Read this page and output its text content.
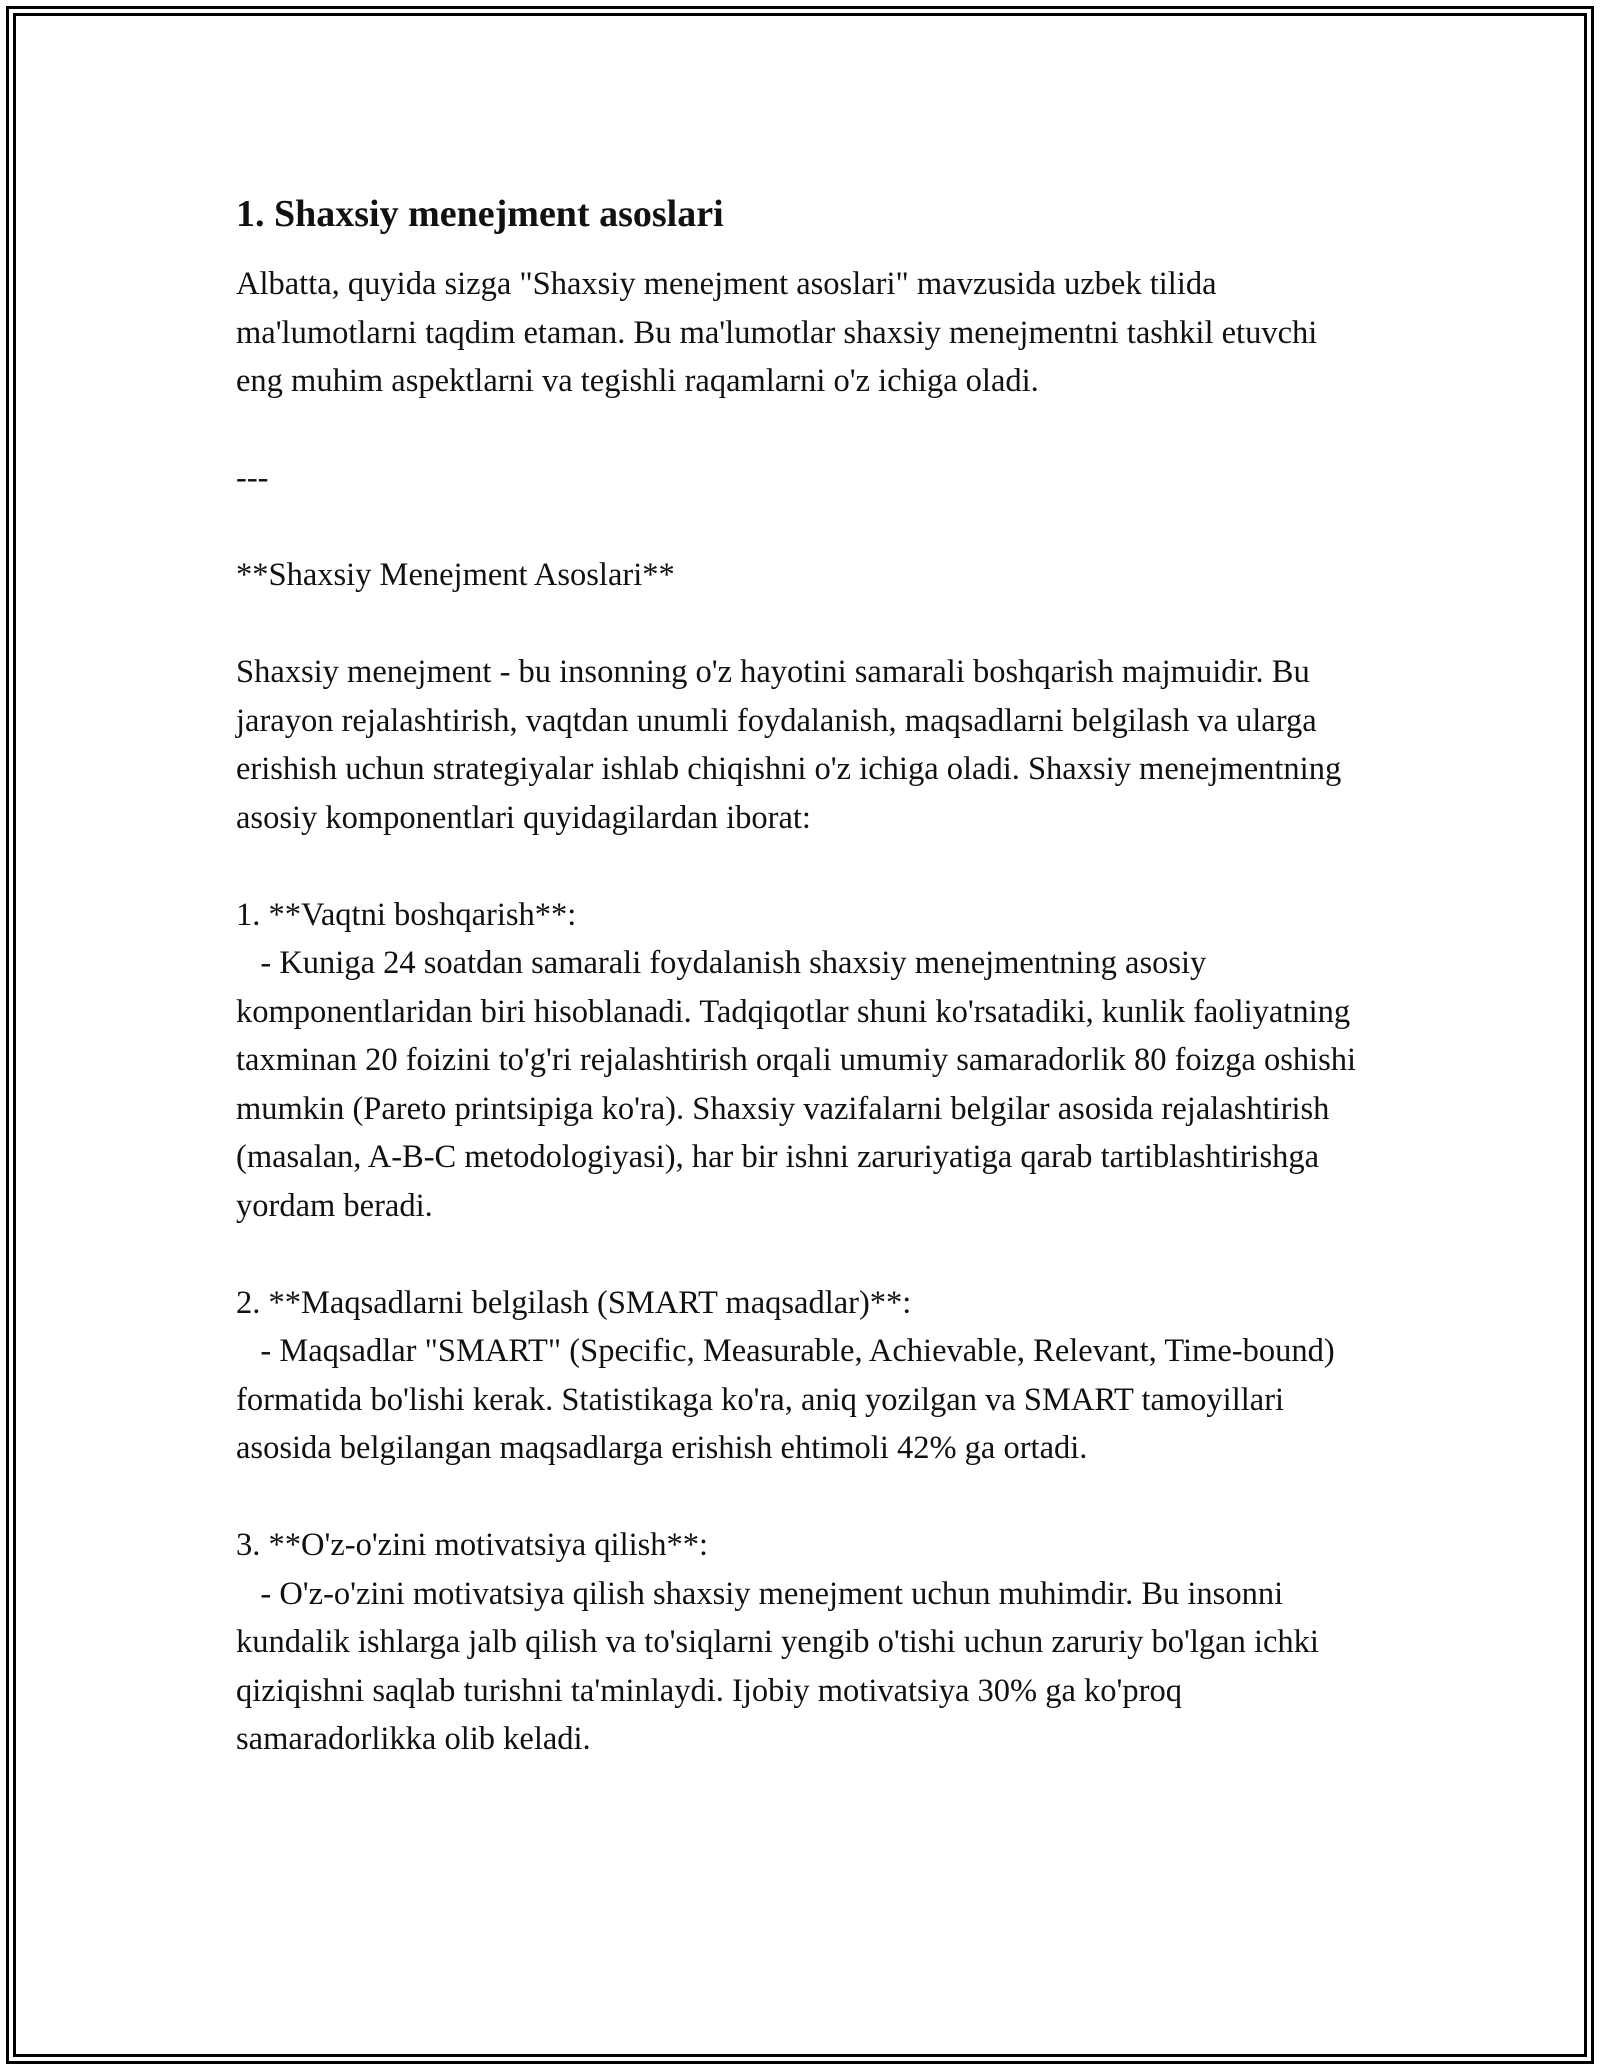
1. Shaxsiy menejment asoslari

Albatta, quyida sizga "Shaxsiy menejment asoslari" mavzusida uzbek tilida ma'lumotlarni taqdim etaman. Bu ma'lumotlar shaxsiy menejmentni tashkil etuvchi eng muhim aspektlarni va tegishli raqamlarni o'z ichiga oladi.

---

**Shaxsiy Menejment Asoslari**

Shaxsiy menejment - bu insonning o'z hayotini samarali boshqarish majmuidir. Bu jarayon rejalashtirish, vaqtdan unumli foydalanish, maqsadlarni belgilash va ularga erishish uchun strategiyalar ishlab chiqishni o'z ichiga oladi. Shaxsiy menejmentning asosiy komponentlari quyidagilardan iborat:

1. **Vaqtni boshqarish**:

- Kuniga 24 soatdan samarali foydalanish shaxsiy menejmentning asosiy komponentlaridan biri hisoblanadi. Tadqiqotlar shuni ko'rsatadiki, kunlik faoliyatning taxminan 20 foizini to'g'ri rejalashtirish orqali umumiy samaradorlik 80 foizga oshishi mumkin (Pareto printsipiga ko'ra). Shaxsiy vazifalarni belgilar asosida rejalashtirish (masalan, A-B-C metodologiyasi), har bir ishni zaruriyatiga qarab tartiblashtirishga yordam beradi.

2. **Maqsadlarni belgilash (SMART maqsadlar)**:

- Maqsadlar "SMART" (Specific, Measurable, Achievable, Relevant, Time-bound) formatida bo'lishi kerak. Statistikaga ko'ra, aniq yozilgan va SMART tamoyillari asosida belgilangan maqsadlarga erishish ehtimoli 42% ga ortadi.

3. **O'z-o'zini motivatsiya qilish**:

- O'z-o'zini motivatsiya qilish shaxsiy menejment uchun muhimdir. Bu insonni kundalik ishlarga jalb qilish va to'siqlarni yengib o'tishi uchun zaruriy bo'lgan ichki qiziqishni saqlab turishni ta'minlaydi. Ijobiy motivatsiya 30% ga ko'proq samaradorlikka olib keladi.
